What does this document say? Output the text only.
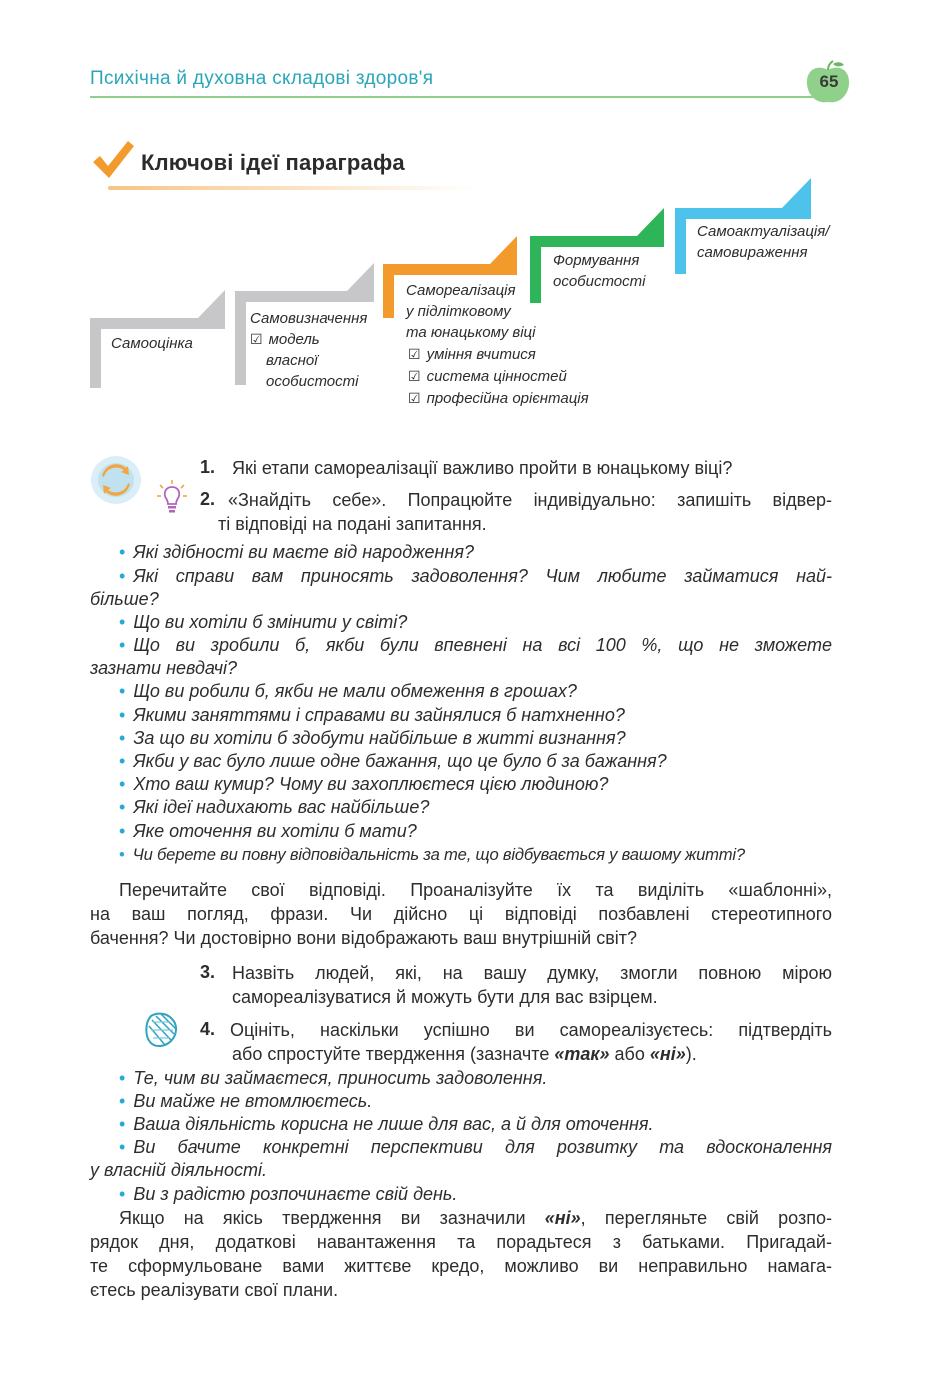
Психічна й духовна складові здоров'я	65
Ключові ідеї параграфа
Самооцінка
Самовизначення
☑ модель
власної
особистості
Самореалізація
у підлітковому
та юнацькому віці
☑ уміння вчитися
☑ система цінностей
☑ професійна орієнтація
Формування
особистості
Самоактуалізація/
самовираження
1. Які етапи самореалізації важливо пройти в юнацькому віці?
2. «Знайдіть себе». Попрацюйте індивідуально: запишіть відвер-
ті відповіді на подані запитання.
• Які здібності ви маєте від народження?
• Які справи вам приносять задоволення? Чим любите займатися най-
більше?
• Що ви хотіли б змінити у світі?
• Що ви зробили б, якби були впевнені на всі 100 %, що не зможете
зазнати невдачі?
• Що ви робили б, якби не мали обмеження в грошах?
• Якими заняттями і справами ви зайнялися б натхненно?
• За що ви хотіли б здобути найбільше в житті визнання?
• Якби у вас було лише одне бажання, що це було б за бажання?
• Хто ваш кумир? Чому ви захоплюєтеся цією людиною?
• Які ідеї надихають вас найбільше?
• Яке оточення ви хотіли б мати?
• Чи берете ви повну відповідальність за те, що відбувається у вашому житті?
Перечитайте свої відповіді. Проаналізуйте їх та виділіть «шаблонні»,
на ваш погляд, фрази. Чи дійсно ці відповіді позбавлені стереотипного
бачення? Чи достовірно вони відображають ваш внутрішній світ?
3. Назвіть людей, які, на вашу думку, змогли повною мірою
самореалізуватися й можуть бути для вас взірцем.
4. Оцініть, наскільки успішно ви самореалізуєтесь: підтвердіть
або спростуйте твердження (зазначте «так» або «ні»).
• Те, чим ви займаєтеся, приносить задоволення.
• Ви майже не втомлюєтесь.
• Ваша діяльність корисна не лише для вас, а й для оточення.
• Ви бачите конкретні перспективи для розвитку та вдосконалення
у власній діяльності.
• Ви з радістю розпочинаєте свій день.
Якщо на якісь твердження ви зазначили «ні», перегляньте свій розпо-
рядок дня, додаткові навантаження та порадьтеся з батьками. Пригадай-
те сформульоване вами життєве кредо, можливо ви неправильно намага-
єтесь реалізувати свої плани.
